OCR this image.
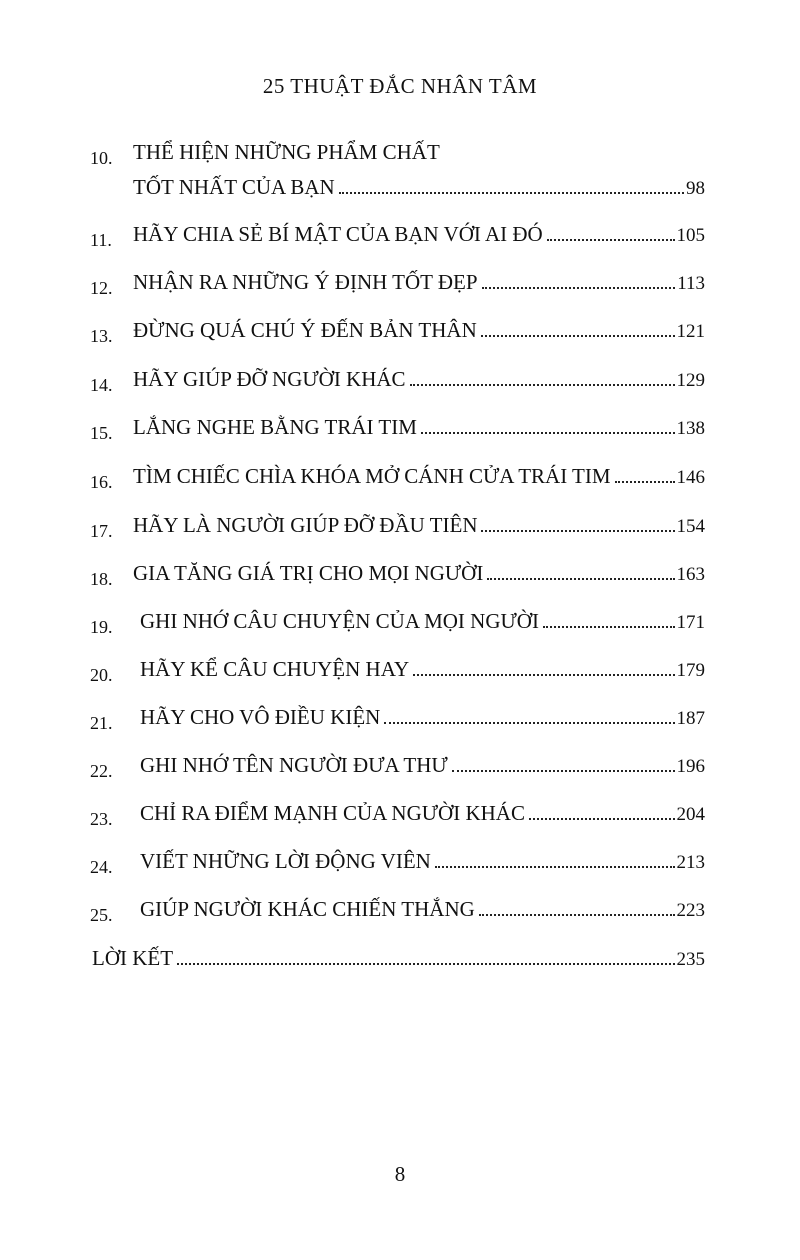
25 THUẬT ĐẮC NHÂN TÂM
10. THỂ HIỆN NHỮNG PHẨM CHẤT
TỐT NHẤT CỦA BẠN	98
11. HÃY CHIA SẺ BÍ MẬT CỦA BẠN VỚI AI ĐÓ	105
12. NHẬN RA NHỮNG Ý ĐỊNH TỐT ĐẸP	113
13. ĐỪNG QUÁ CHÚ Ý ĐẾN BẢN THÂN	121
14. HÃY GIÚP ĐỠ NGƯỜI KHÁC	129
15. LẮNG NGHE BẰNG TRÁI TIM	138
16. TÌM CHIẾC CHÌA KHÓA MỞ CÁNH CỬA TRÁI TIM	146
17. HÃY LÀ NGƯỜI GIÚP ĐỠ ĐẦU TIÊN	154
18. GIA TĂNG GIÁ TRỊ CHO MỌI NGƯỜI	163
19. GHI NHỚ CÂU CHUYỆN CỦA MỌI NGƯỜI	171
20. HÃY KỂ CÂU CHUYỆN HAY	179
21. HÃY CHO VÔ ĐIỀU KIỆN	187
22. GHI NHỚ TÊN NGƯỜI ĐƯA THƯ	196
23. CHỈ RA ĐIỂM MẠNH CỦA NGƯỜI KHÁC	204
24. VIẾT NHỮNG LỜI ĐỘNG VIÊN	213
25. GIÚP NGƯỜI KHÁC CHIẾN THẮNG	223
LỜI KẾT	235
8
